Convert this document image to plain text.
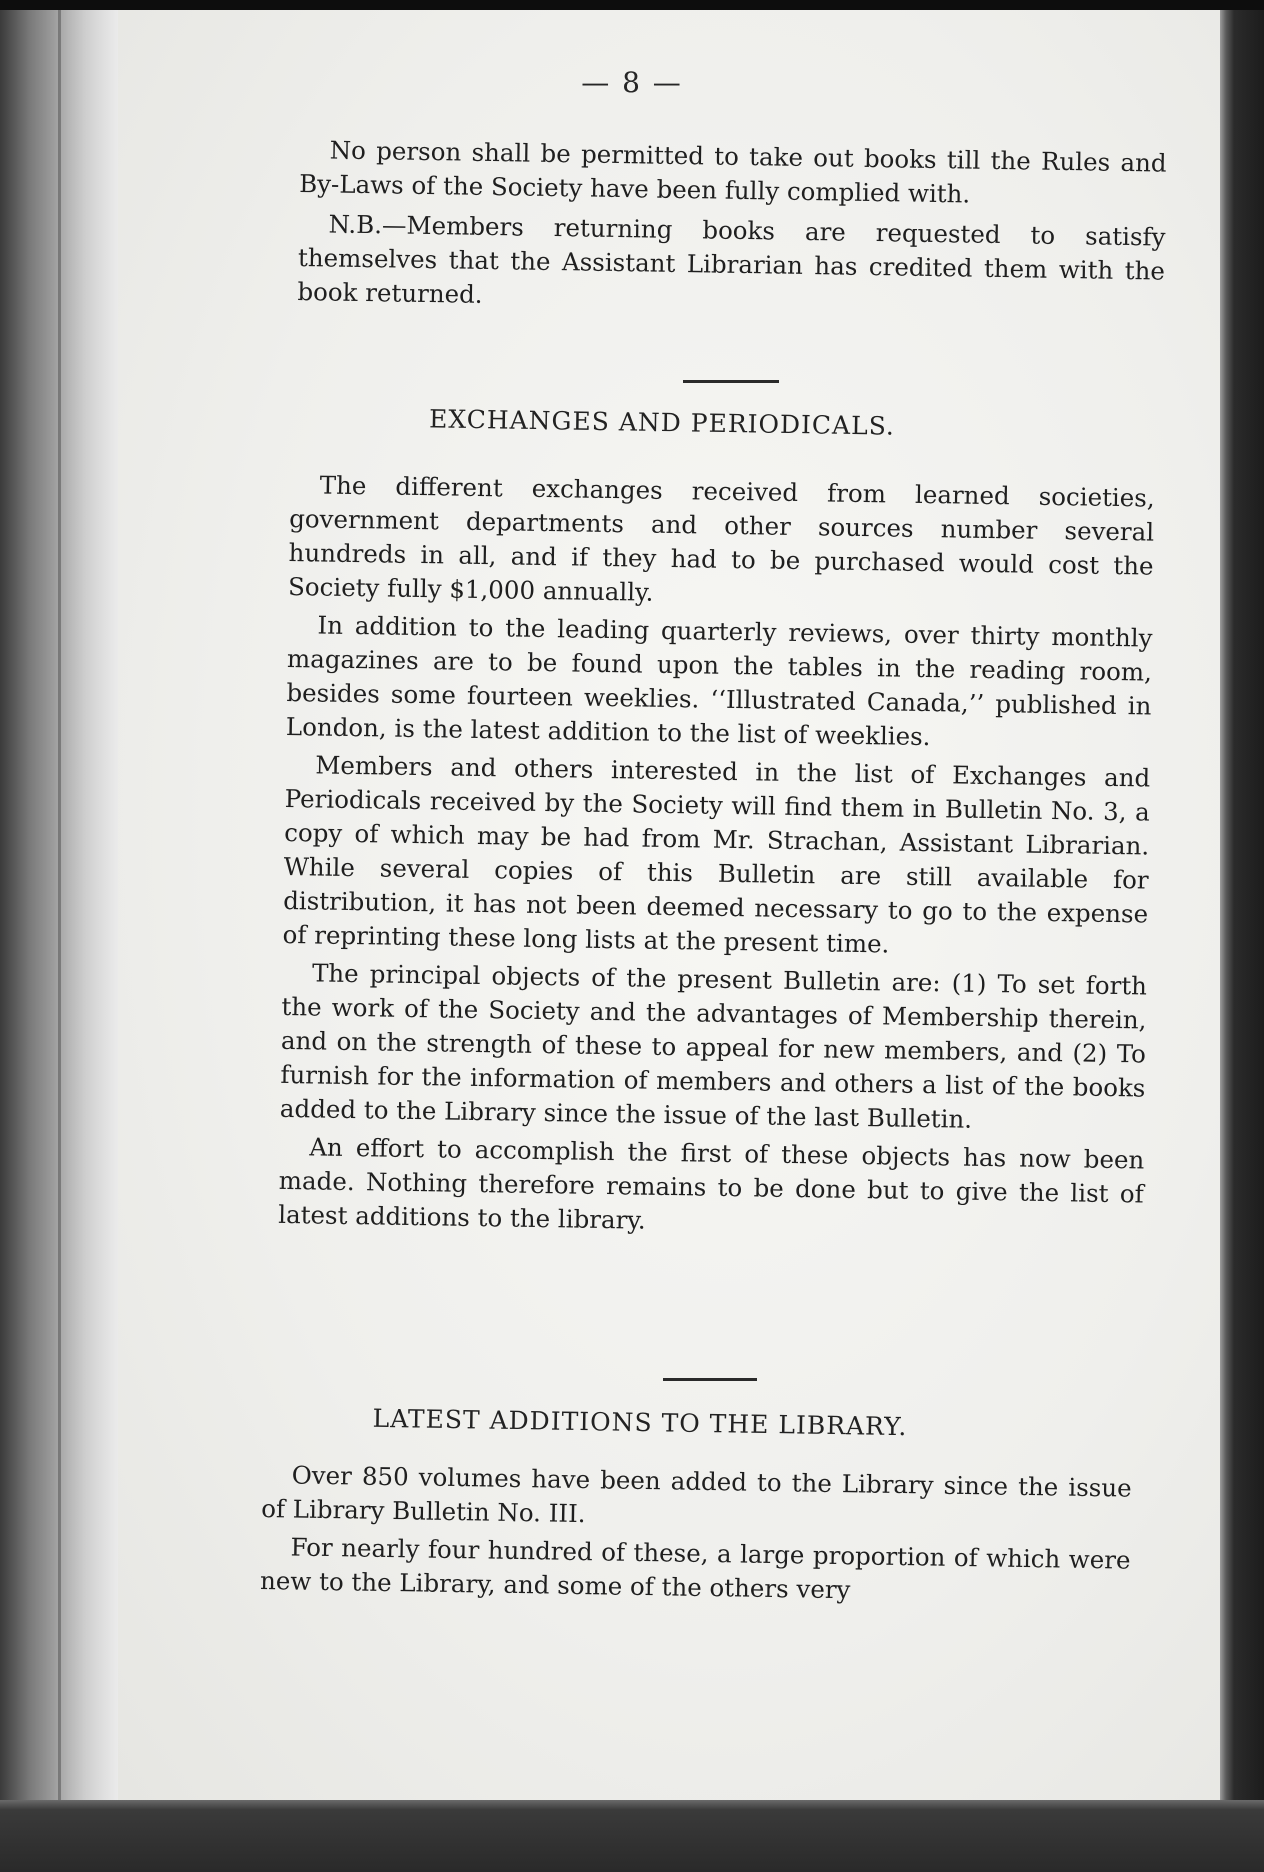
— 8 —

No person shall be permitted to take out books till the Rules and By-Laws of the Society have been fully complied with.

N.B.—Members returning books are requested to satisfy themselves that the Assistant Librarian has credited them with the book returned.

EXCHANGES AND PERIODICALS.

The different exchanges received from learned societies, government departments and other sources number several hundreds in all, and if they had to be purchased would cost the Society fully $1,000 annually.

In addition to the leading quarterly reviews, over thirty monthly magazines are to be found upon the tables in the reading room, besides some fourteen weeklies. ‘‘Illustrated Canada,’’ published in London, is the latest addition to the list of weeklies.

Members and others interested in the list of Exchanges and Periodicals received by the Society will find them in Bulletin No. 3, a copy of which may be had from Mr. Strachan, Assistant Librarian. While several copies of this Bulletin are still available for distribution, it has not been deemed necessary to go to the expense of reprinting these long lists at the present time.

The principal objects of the present Bulletin are: (1) To set forth the work of the Society and the advantages of Membership therein, and on the strength of these to appeal for new members, and (2) To furnish for the information of members and others a list of the books added to the Library since the issue of the last Bulletin.

An effort to accomplish the first of these objects has now been made. Nothing therefore remains to be done but to give the list of latest additions to the library.

LATEST ADDITIONS TO THE LIBRARY.

Over 850 volumes have been added to the Library since the issue of Library Bulletin No. III.

For nearly four hundred of these, a large proportion of which were new to the Library, and some of the others very
